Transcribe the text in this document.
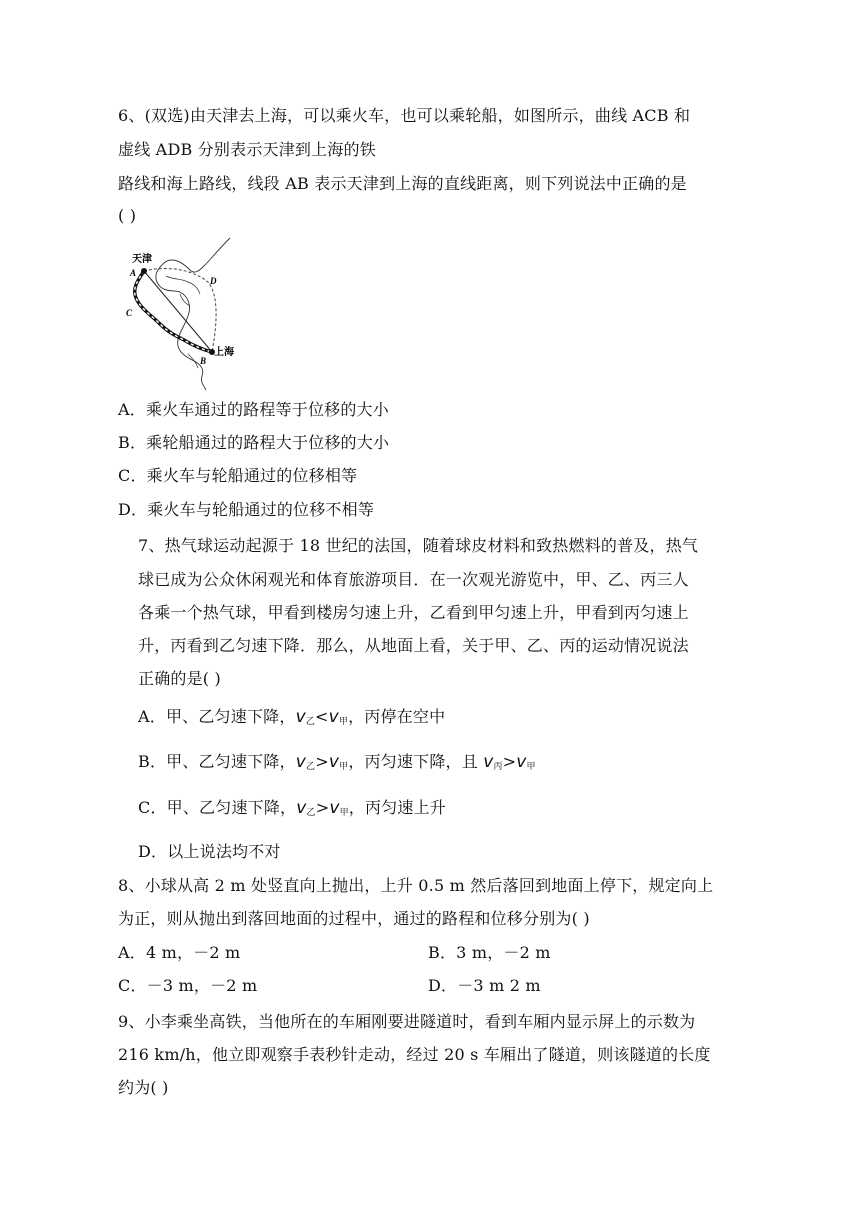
6、(双选)由天津去上海，可以乘火车，也可以乘轮船，如图所示，曲线 ACB 和
虚线 ADB 分别表示天津到上海的铁
路线和海上路线，线段 AB 表示天津到上海的直线距离，则下列说法中正确的是
( )
天津
A
C
D
上海
B
A．乘火车通过的路程等于位移的大小
B．乘轮船通过的路程大于位移的大小
C．乘火车与轮船通过的位移相等
D．乘火车与轮船通过的位移不相等
7、热气球运动起源于 18 世纪的法国，随着球皮材料和致热燃料的普及，热气
球已成为公众休闲观光和体育旅游项目．在一次观光游览中，甲、乙、丙三人
各乘一个热气球，甲看到楼房匀速上升，乙看到甲匀速上升，甲看到丙匀速上
升，丙看到乙匀速下降．那么，从地面上看，关于甲、乙、丙的运动情况说法
正确的是( )
A．甲、乙匀速下降，$v_乙<v_甲$，丙停在空中
B．甲、乙匀速下降，$v_乙>v_甲$，丙匀速下降，且 $v_丙>v_甲$
C．甲、乙匀速下降，$v_乙>v_甲$，丙匀速上升
D．以上说法均不对
8、小球从高 2 m 处竖直向上抛出，上升 0.5 m 然后落回到地面上停下，规定向上
为正，则从抛出到落回地面的过程中，通过的路程和位移分别为( )
A．4 m，－2 m	B．3 m，－2 m
C．－3 m，－2 m	D．－3 m 2 m
9、小李乘坐高铁，当他所在的车厢刚要进隧道时，看到车厢内显示屏上的示数为
216 km/h，他立即观察手表秒针走动，经过 20 s 车厢出了隧道，则该隧道的长度
约为( )
